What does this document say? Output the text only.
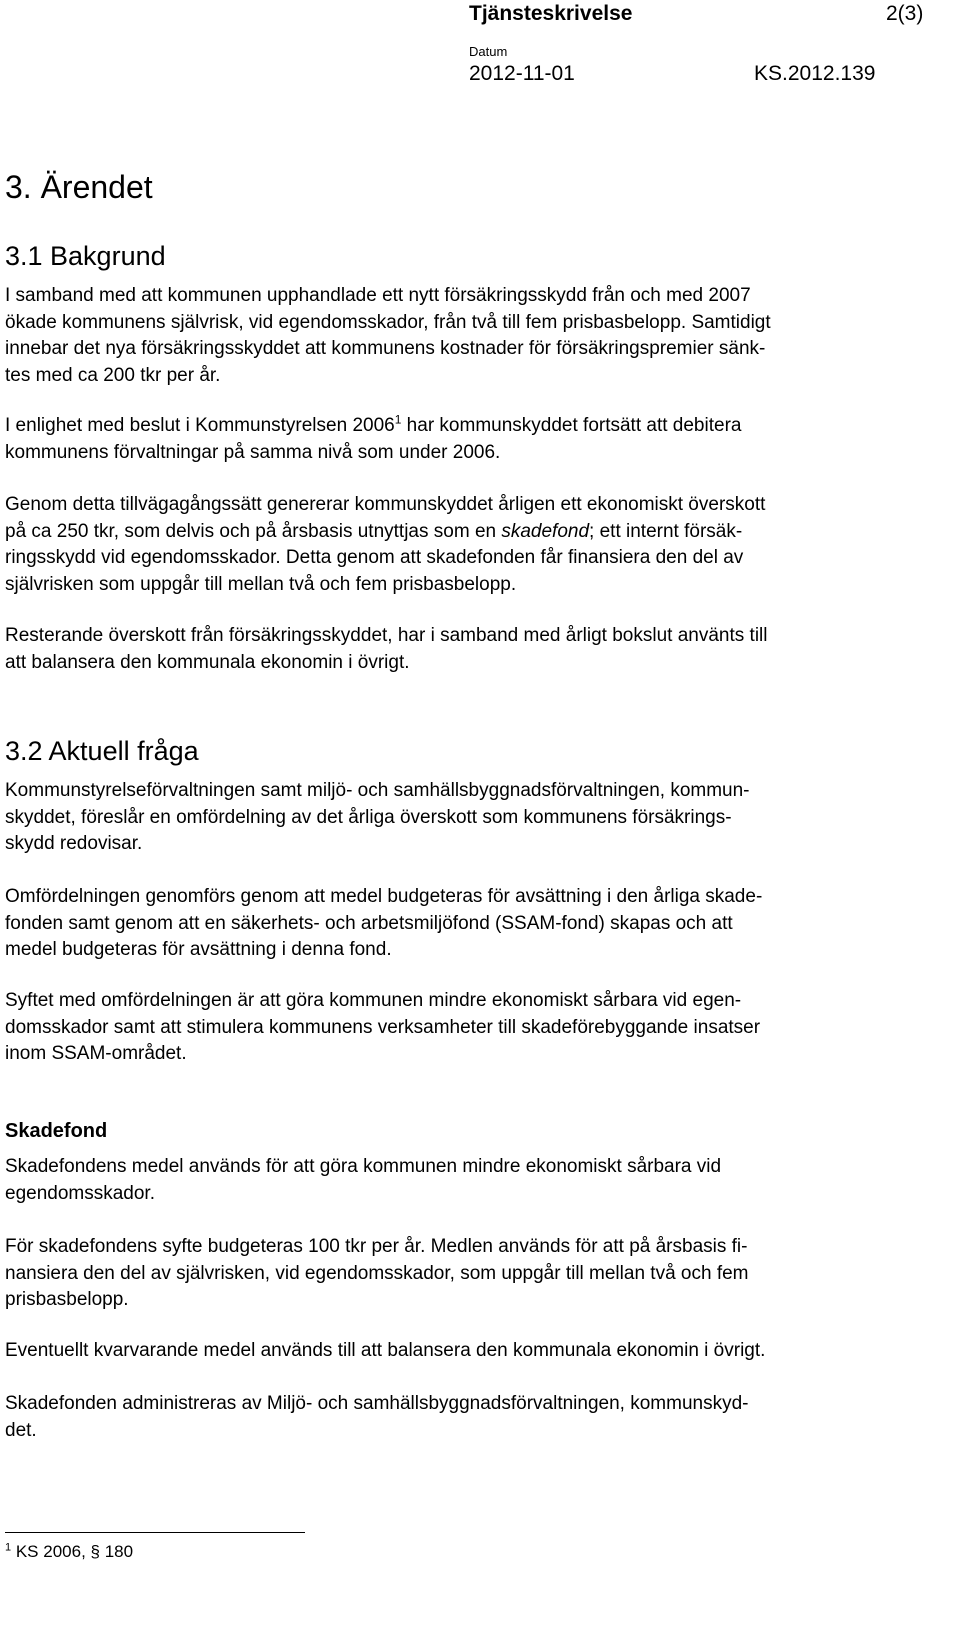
Tjänsteskrivelse	2(3)
Datum
2012-11-01	KS.2012.139
3. Ärendet
3.1 Bakgrund

I samband med att kommunen upphandlade ett nytt försäkringsskydd från och med 2007
ökade kommunens självrisk, vid egendomsskador, från två till fem prisbasbelopp. Samtidigt
innebar det nya försäkringsskyddet att kommunens kostnader för försäkringspremier sänk-
tes med ca 200 tkr per år.

I enlighet med beslut i Kommunstyrelsen 2006$^1$ har kommunskyddet fortsätt att debitera
kommunens förvaltningar på samma nivå som under 2006.

Genom detta tillvägagångssätt genererar kommunskyddet årligen ett ekonomiskt överskott
på ca 250 tkr, som delvis och på årsbasis utnyttjas som en skadefond; ett internt försäk-
ringsskydd vid egendomsskador. Detta genom att skadefonden får finansiera den del av
självrisken som uppgår till mellan två och fem prisbasbelopp.

Resterande överskott från försäkringsskyddet, har i samband med årligt bokslut använts till
att balansera den kommunala ekonomin i övrigt.

3.2 Aktuell fråga

Kommunstyrelseförvaltningen samt miljö- och samhällsbyggnadsförvaltningen, kommun-
skyddet, föreslår en omfördelning av det årliga överskott som kommunens försäkrings-
skydd redovisar.

Omfördelningen genomförs genom att medel budgeteras för avsättning i den årliga skade-
fonden samt genom att en säkerhets- och arbetsmiljöfond (SSAM-fond) skapas och att
medel budgeteras för avsättning i denna fond.

Syftet med omfördelningen är att göra kommunen mindre ekonomiskt sårbara vid egen-
domsskador samt att stimulera kommunens verksamheter till skadeförebyggande insatser
inom SSAM-området.

Skadefond

Skadefondens medel används för att göra kommunen mindre ekonomiskt sårbara vid
egendomsskador.

För skadefondens syfte budgeteras 100 tkr per år. Medlen används för att på årsbasis fi-
nansiera den del av självrisken, vid egendomsskador, som uppgår till mellan två och fem
prisbasbelopp.

Eventuellt kvarvarande medel används till att balansera den kommunala ekonomin i övrigt.

Skadefonden administreras av Miljö- och samhällsbyggnadsförvaltningen, kommunskyd-
det.

$^1$ KS 2006, § 180
